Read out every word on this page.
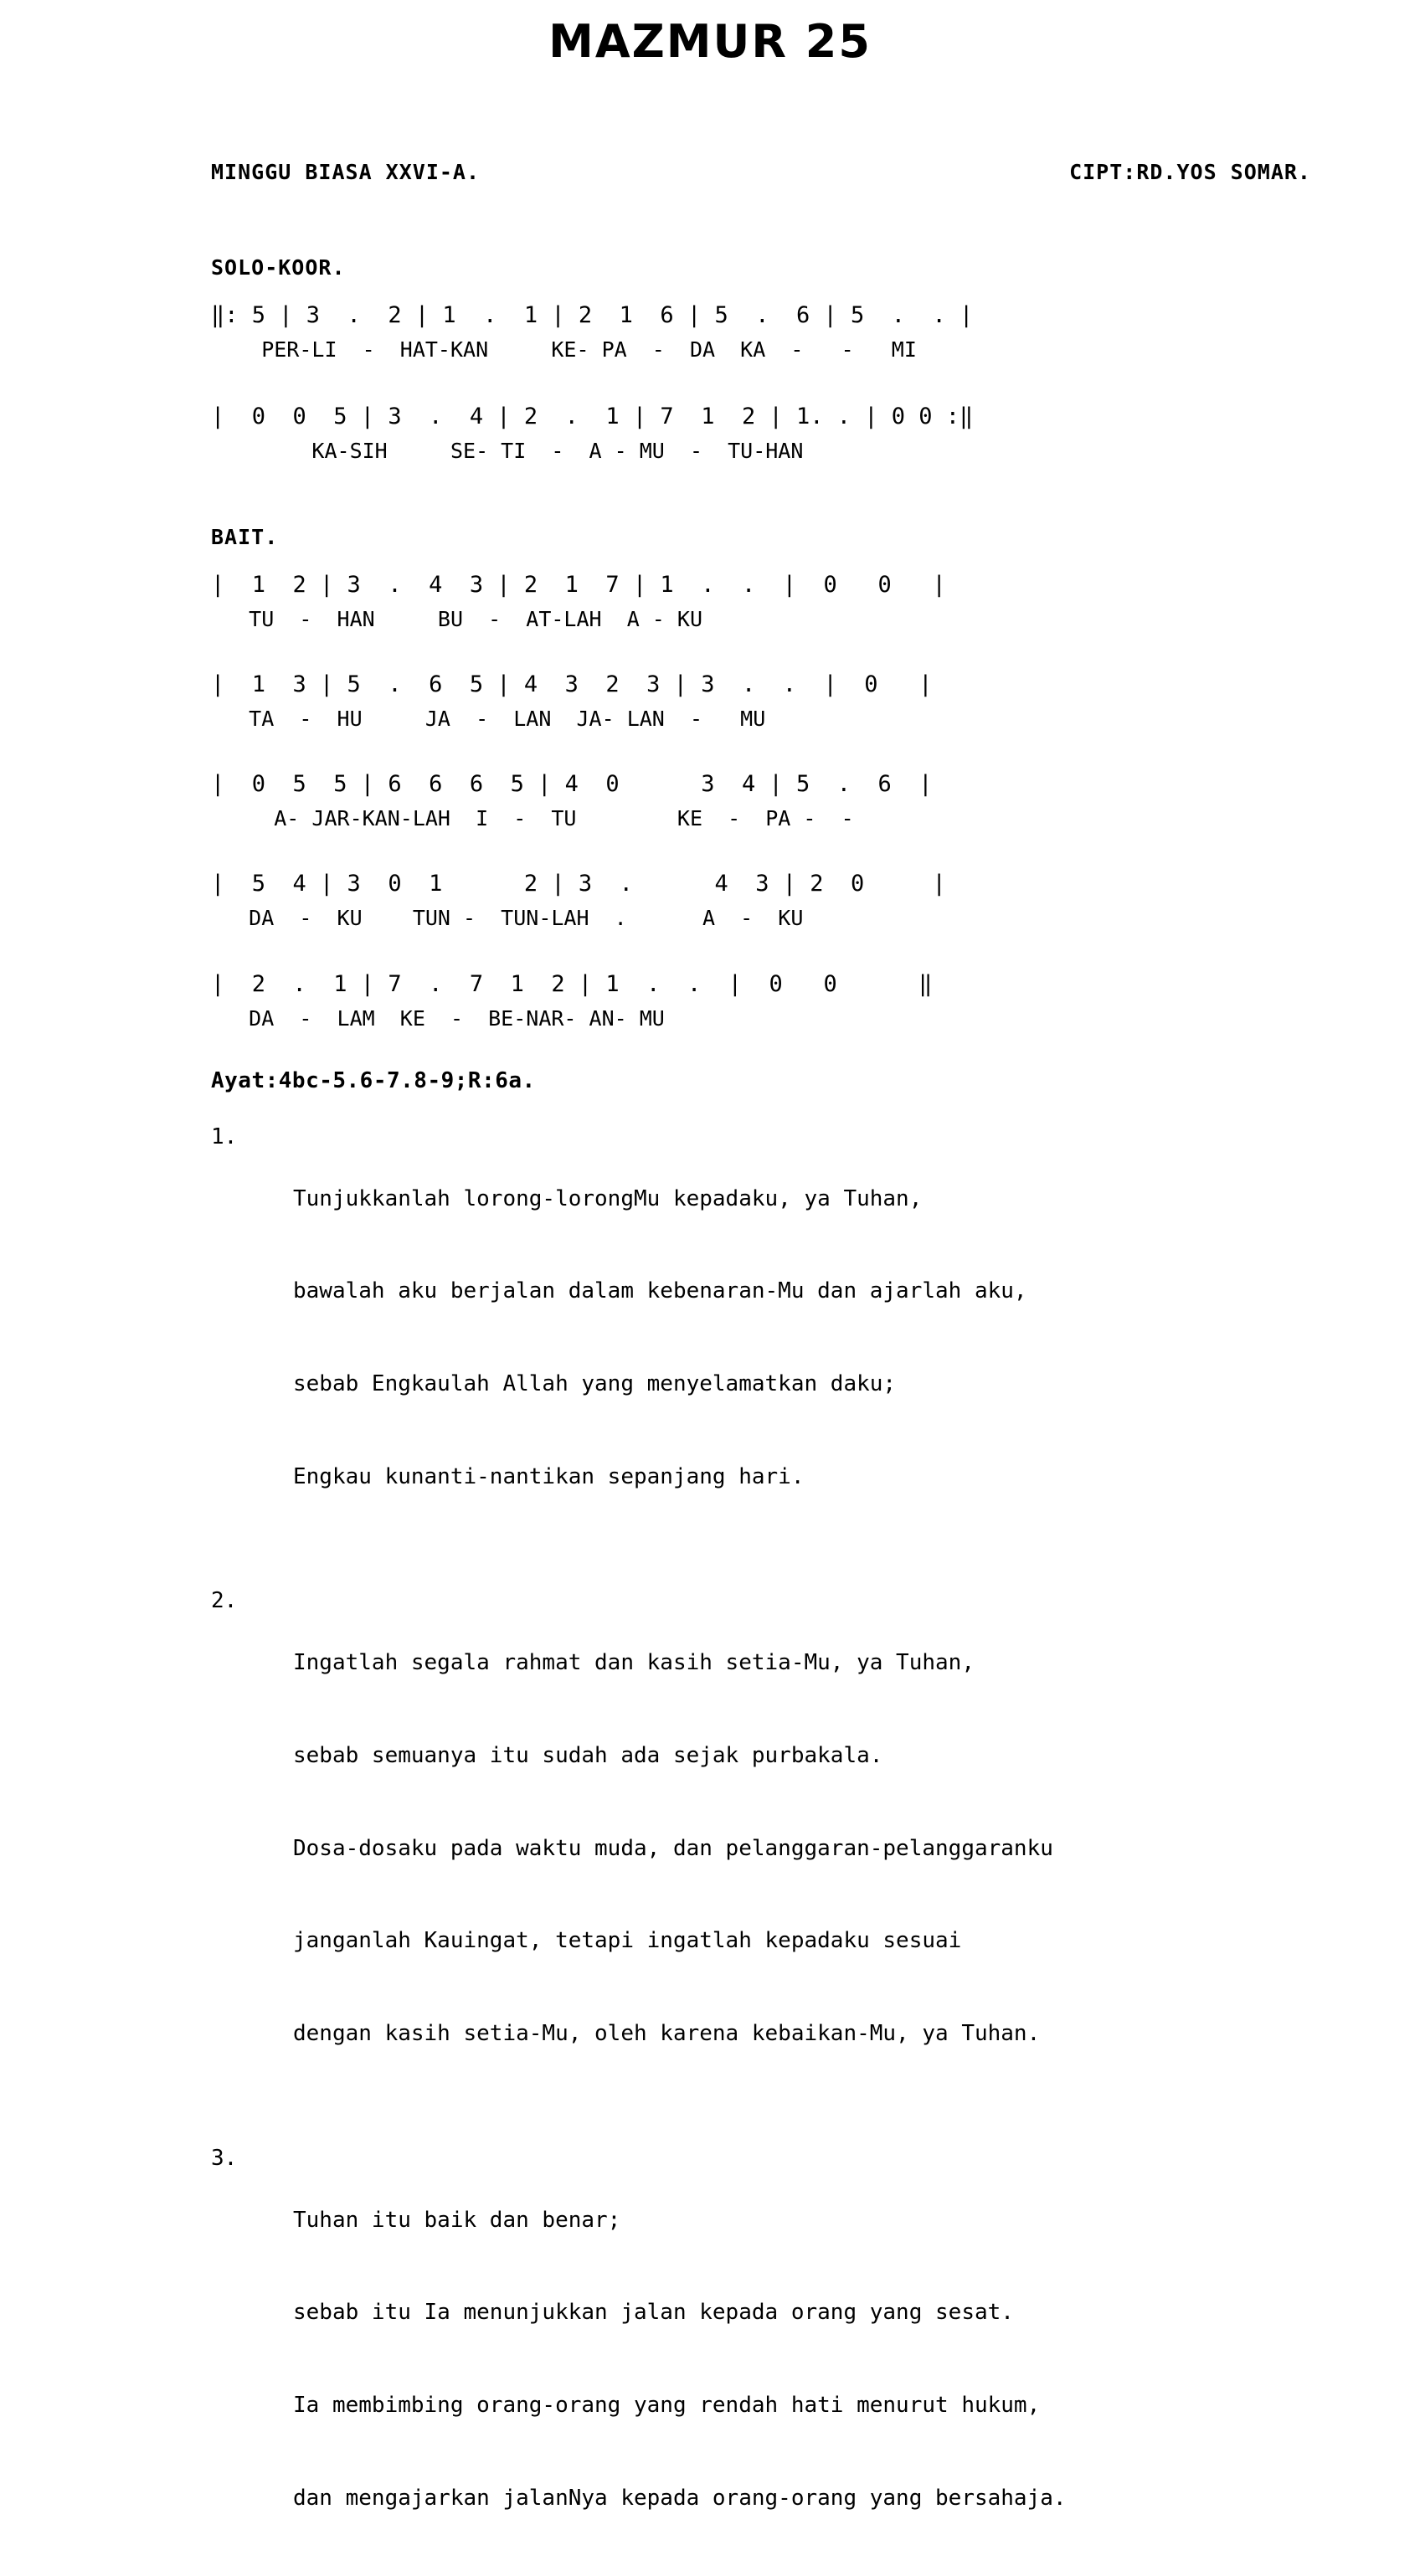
MAZMUR 25
MINGGU BIASA XXVI-A.	CIPT:RD.YOS SOMAR.
SOLO-KOOR.
‖: 5 | 3  .  2 | 1  .  1 | 2  1  6 | 5  .  6 | 5  .  . |
PER-LI  -  HAT-KAN     KE- PA  -  DA  KA  -   -   MI
|  0  0  5 | 3  .  4 | 2  .  1 | 7  1  2 | 1. . | 0 0 :‖
KA-SIH     SE- TI  -  A - MU  -  TU-HAN
BAIT.
|  1  2 | 3  .  4  3 | 2  1  7 | 1  .  .  |  0   0   |
TU  -  HAN     BU  -  AT-LAH  A - KU
|  1  3 | 5  .  6  5 | 4  3  2  3 | 3  .  .  |  0   |
TA  -  HU     JA  -  LAN  JA- LAN  -   MU
|  0  5  5 | 6  6  6  5 | 4  0      3  4 | 5  .  6  |
A- JAR-KAN-LAH  I  -  TU        KE  -  PA -  -
|  5  4 | 3  0  1      2 | 3  .      4  3 | 2  0     |
DA  -  KU    TUN -  TUN-LAH  .      A  -  KU
|  2  .  1 | 7  .  7  1  2 | 1  .  .  |  0   0      ‖
DA  -  LAM  KE  -  BE-NAR- AN- MU
Ayat:4bc-5.6-7.8-9;R:6a.
1.

Tunjukkanlah lorong-lorongMu kepadaku, ya Tuhan,

bawalah aku berjalan dalam kebenaran-Mu dan ajarlah aku,

sebab Engkaulah Allah yang menyelamatkan daku;

Engkau kunanti-nantikan sepanjang hari.

2.

Ingatlah segala rahmat dan kasih setia-Mu, ya Tuhan,

sebab semuanya itu sudah ada sejak purbakala.

Dosa-dosaku pada waktu muda, dan pelanggaran-pelanggaranku

janganlah Kauingat, tetapi ingatlah kepadaku sesuai

dengan kasih setia-Mu, oleh karena kebaikan-Mu, ya Tuhan.

3.

Tuhan itu baik dan benar;

sebab itu Ia menunjukkan jalan kepada orang yang sesat.

Ia membimbing orang-orang yang rendah hati menurut hukum,

dan mengajarkan jalanNya kepada orang-orang yang bersahaja.
